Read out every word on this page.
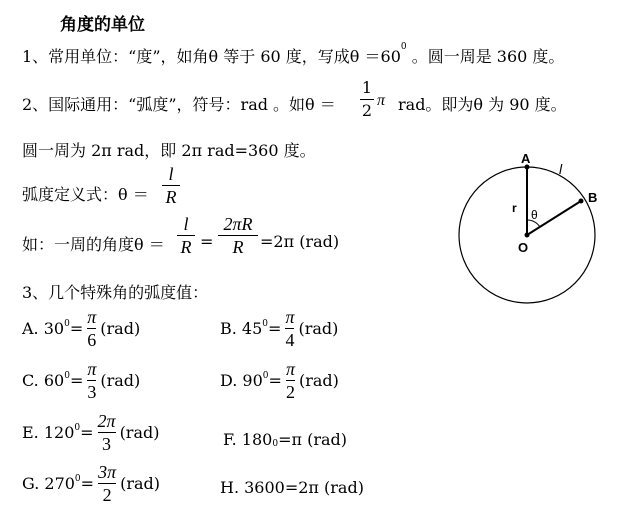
角度的单位
1、常用单位：“度”，如角θ 等于 60 度，写成$\theta =60^0$ 。圆一周是 360 度。
2、国际通用：“弧度”，符号：rad 。如θ ＝
1
2
π rad。即为θ 为 90 度。
圆一周为 2π rad，即 2π rad=360 度。
弧度定义式：θ ＝
l
R
如：一周的角度θ ＝
l
R =
2πR
R	=2π (rad)
3、几个特殊角的弧度值：
A. $30^0$ =
π
6
(rad)	B. $45^0$ =
π
4
(rad)
C. $60^0$ =
π
3
(rad)	D. $90^0$ =
π
2
(rad)
E. $120^0$ =
2π
3
(rad)	F. $180^0 =\pi$ (rad)
G. $270^0$ =
3π
2
(rad)	H. 3600=2π (rad)
A
B
O
r
l
θ
